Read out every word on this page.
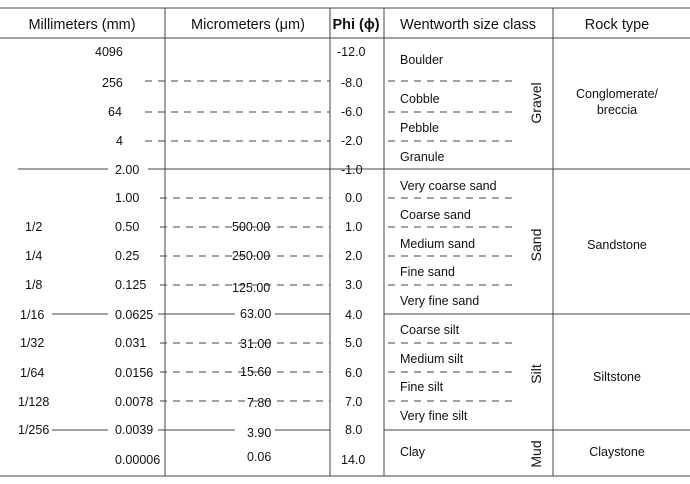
Millimeters (mm)	Micrometers (μm) Phi (ϕ) Wentworth size class	Rock type
1/2
1/4
1/8
1/16
1/32
1/64
1/128
1/256
4096
256
64
4
2.00
1.00
0.50
0.25
0.125
0.0625
0.031
0.0156
0.0078
0.0039
0.00006
500.00
250.00
125.00
63.00
31.00
15.60
7.80
3.90
0.06
-12.0
-8.0
-6.0
-2.0
-1.0
0.0
1.0
2.0
3.0
4.0
5.0
6.0
7.0
8.0
14.0
Boulder
Cobble
Pebble
Granule
Very coarse sand
Coarse sand
Medium sand
Fine sand
Very fine sand
Coarse silt
Medium silt
Fine silt
Very fine silt
Clay
Gravel
Sand
Silt
Mud
Conglomerate/
breccia
Sandstone
Siltstone
Claystone
